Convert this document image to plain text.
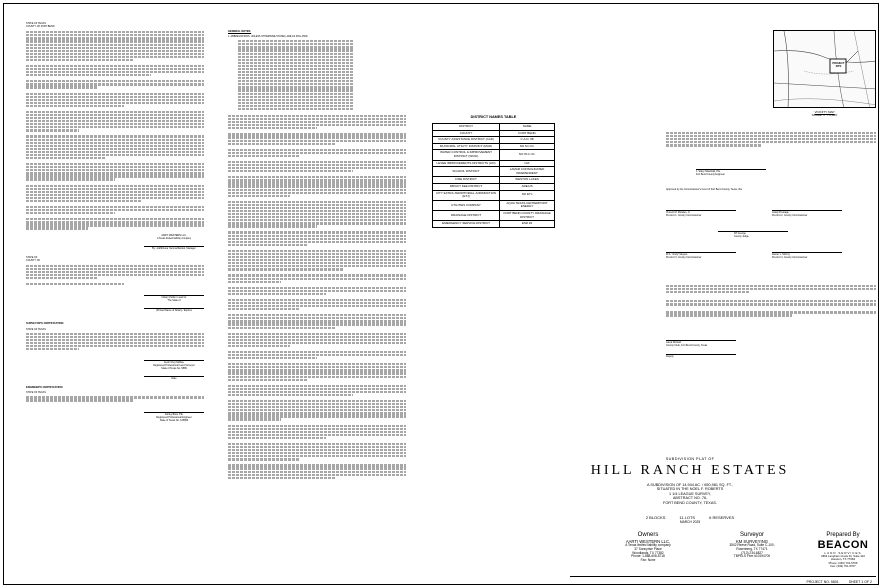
STATE OF TEXAS
COUNTY OF FORT BEND
AARTI WESTERN LLC,
A Texas limited liability company
By: Jodhbhuna Yamma Bartlett, Manager
STATE OF
COUNTY OF
Notary Public in and for
The State of
(Printed Name of Notary / Expires
SURVEYOR'S CERTIFICATION
STATE OF TEXAS
Kevin Drey McRee
Registered Professional Land Surveyor
State of Texas No. 5889
Date
ENGINEER'S CERTIFICATION
STATE OF TEXAS
Ashley Blow, P.E.
Registered Professional Engineer
State of Texas No. 135896
GENERAL NOTES:
1. ABBREVIATIONS, UNLESS OTHERWISE STATED, ARE AS FOLLOWS:
DISTRICT NAMES TABLE
DISTRICT	NAME
COUNTY	FORT BEND
COUNTY ASSISTANCE DISTRICT (CAD)	C.A.D. #8
MUNICIPAL UTILITY DISTRICT (MUD)	NO M.U.D.
WATER CONTROL & IMPROVEMENT DISTRICT (WCID)	NO W.C.I.D.
LEVEE IMPROVEMENTS DISTRICTS (LID)	N/A
SCHOOL DISTRICT	LAMAR CONSOLIDATED INDEPENDENT
FIRE DISTRICT	WESTON LAKES
IMPACT FEE DISTRICT	AREA B
CITY EXTRA-TERRITORIAL JURISDICTION (ETJ)	NO ETJ
UTILITIES COMPANY	AQUA TEXAS CENTERPOINT ENERGY
DRAINAGE DISTRICT	FORT BEND COUNTY DRAINAGE DISTRICT
EMERGENCY SERVICE DISTRICT	ESD #4
PROJECT SITE
VICINITY MAP
SCALE: 1" = 2,000'
J. Stacy Slawinski, P.E.
Fort Bend County Engineer
Approved by the Commissioner's Court of Fort Bend County, Texas, this
Vincent M. Morales, Jr.
Precinct 1, County Commissioner
Grady Prestage
Precinct 2, County Commissioner
KP George
County Judge
W.A. "Andy" Meyers
Precinct 3, County Commissioner
Dexter L. McCoy
Precinct 4, County Commissioner
Laura Richard
County Clerk, Fort Bend County, Texas
Deputy
SUBDIVISION PLAT OF
HILL RANCH ESTATES
A SUBDIVISION OF 14.944 AC. / 650,981 SQ. FT.,
SITUATED IN THE NOEL F. ROBERTS
1 1/4 LEAGUE SURVEY,
ABSTRACT NO. 76,
FORT BEND COUNTY, TEXAS.
2 BLOCKS	11 LOTS	6 RESERVES
MARCH 2025
Owners
AARTI WESTERN LLC,
A Texas limited liability company
37 Sunnyrise Place
Woodlands, TX 77382
Phone: 1-888-608-8718
Fax: None
Surveyor
KM SURVEYING
3502 Reese Road, Suite C-100,
Rosenberg, TX 77471
(713) 234-6827
TBPELS Firm #10194700
Prepared By
BEACON
LAND SERVICES
1894 Langham Creek Dr, Suite 410
Houston, TX 77084
Phone: (346) 701-5706
Fax: (346) 701-5707
PROJECT NO. 5801	SHEET 1 OF 2
